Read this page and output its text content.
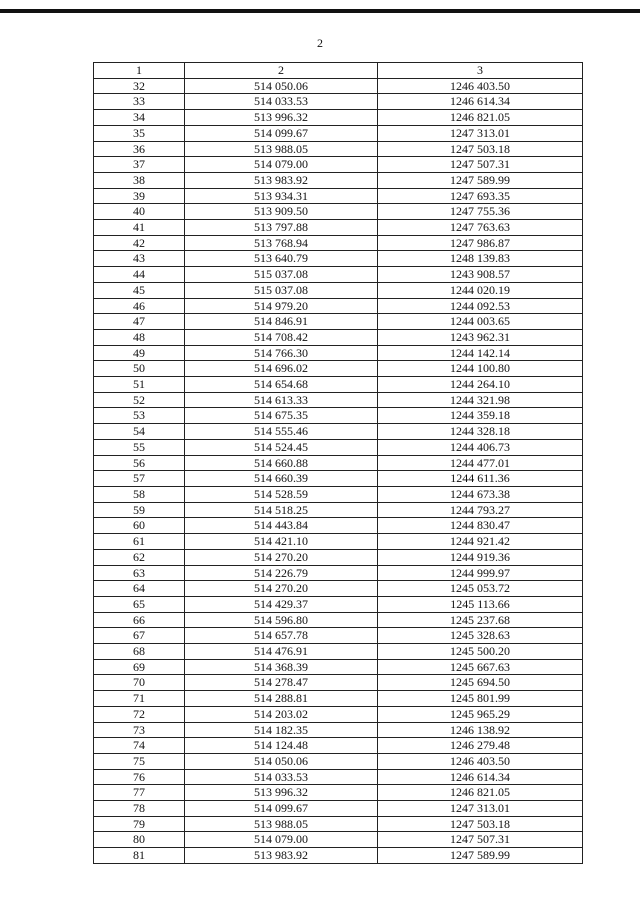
2
1	2	3
32	514 050.06	1246 403.50
33	514 033.53	1246 614.34
34	513 996.32	1246 821.05
35	514 099.67	1247 313.01
36	513 988.05	1247 503.18
37	514 079.00	1247 507.31
38	513 983.92	1247 589.99
39	513 934.31	1247 693.35
40	513 909.50	1247 755.36
41	513 797.88	1247 763.63
42	513 768.94	1247 986.87
43	513 640.79	1248 139.83
44	515 037.08	1243 908.57
45	515 037.08	1244 020.19
46	514 979.20	1244 092.53
47	514 846.91	1244 003.65
48	514 708.42	1243 962.31
49	514 766.30	1244 142.14
50	514 696.02	1244 100.80
51	514 654.68	1244 264.10
52	514 613.33	1244 321.98
53	514 675.35	1244 359.18
54	514 555.46	1244 328.18
55	514 524.45	1244 406.73
56	514 660.88	1244 477.01
57	514 660.39	1244 611.36
58	514 528.59	1244 673.38
59	514 518.25	1244 793.27
60	514 443.84	1244 830.47
61	514 421.10	1244 921.42
62	514 270.20	1244 919.36
63	514 226.79	1244 999.97
64	514 270.20	1245 053.72
65	514 429.37	1245 113.66
66	514 596.80	1245 237.68
67	514 657.78	1245 328.63
68	514 476.91	1245 500.20
69	514 368.39	1245 667.63
70	514 278.47	1245 694.50
71	514 288.81	1245 801.99
72	514 203.02	1245 965.29
73	514 182.35	1246 138.92
74	514 124.48	1246 279.48
75	514 050.06	1246 403.50
76	514 033.53	1246 614.34
77	513 996.32	1246 821.05
78	514 099.67	1247 313.01
79	513 988.05	1247 503.18
80	514 079.00	1247 507.31
81	513 983.92	1247 589.99
